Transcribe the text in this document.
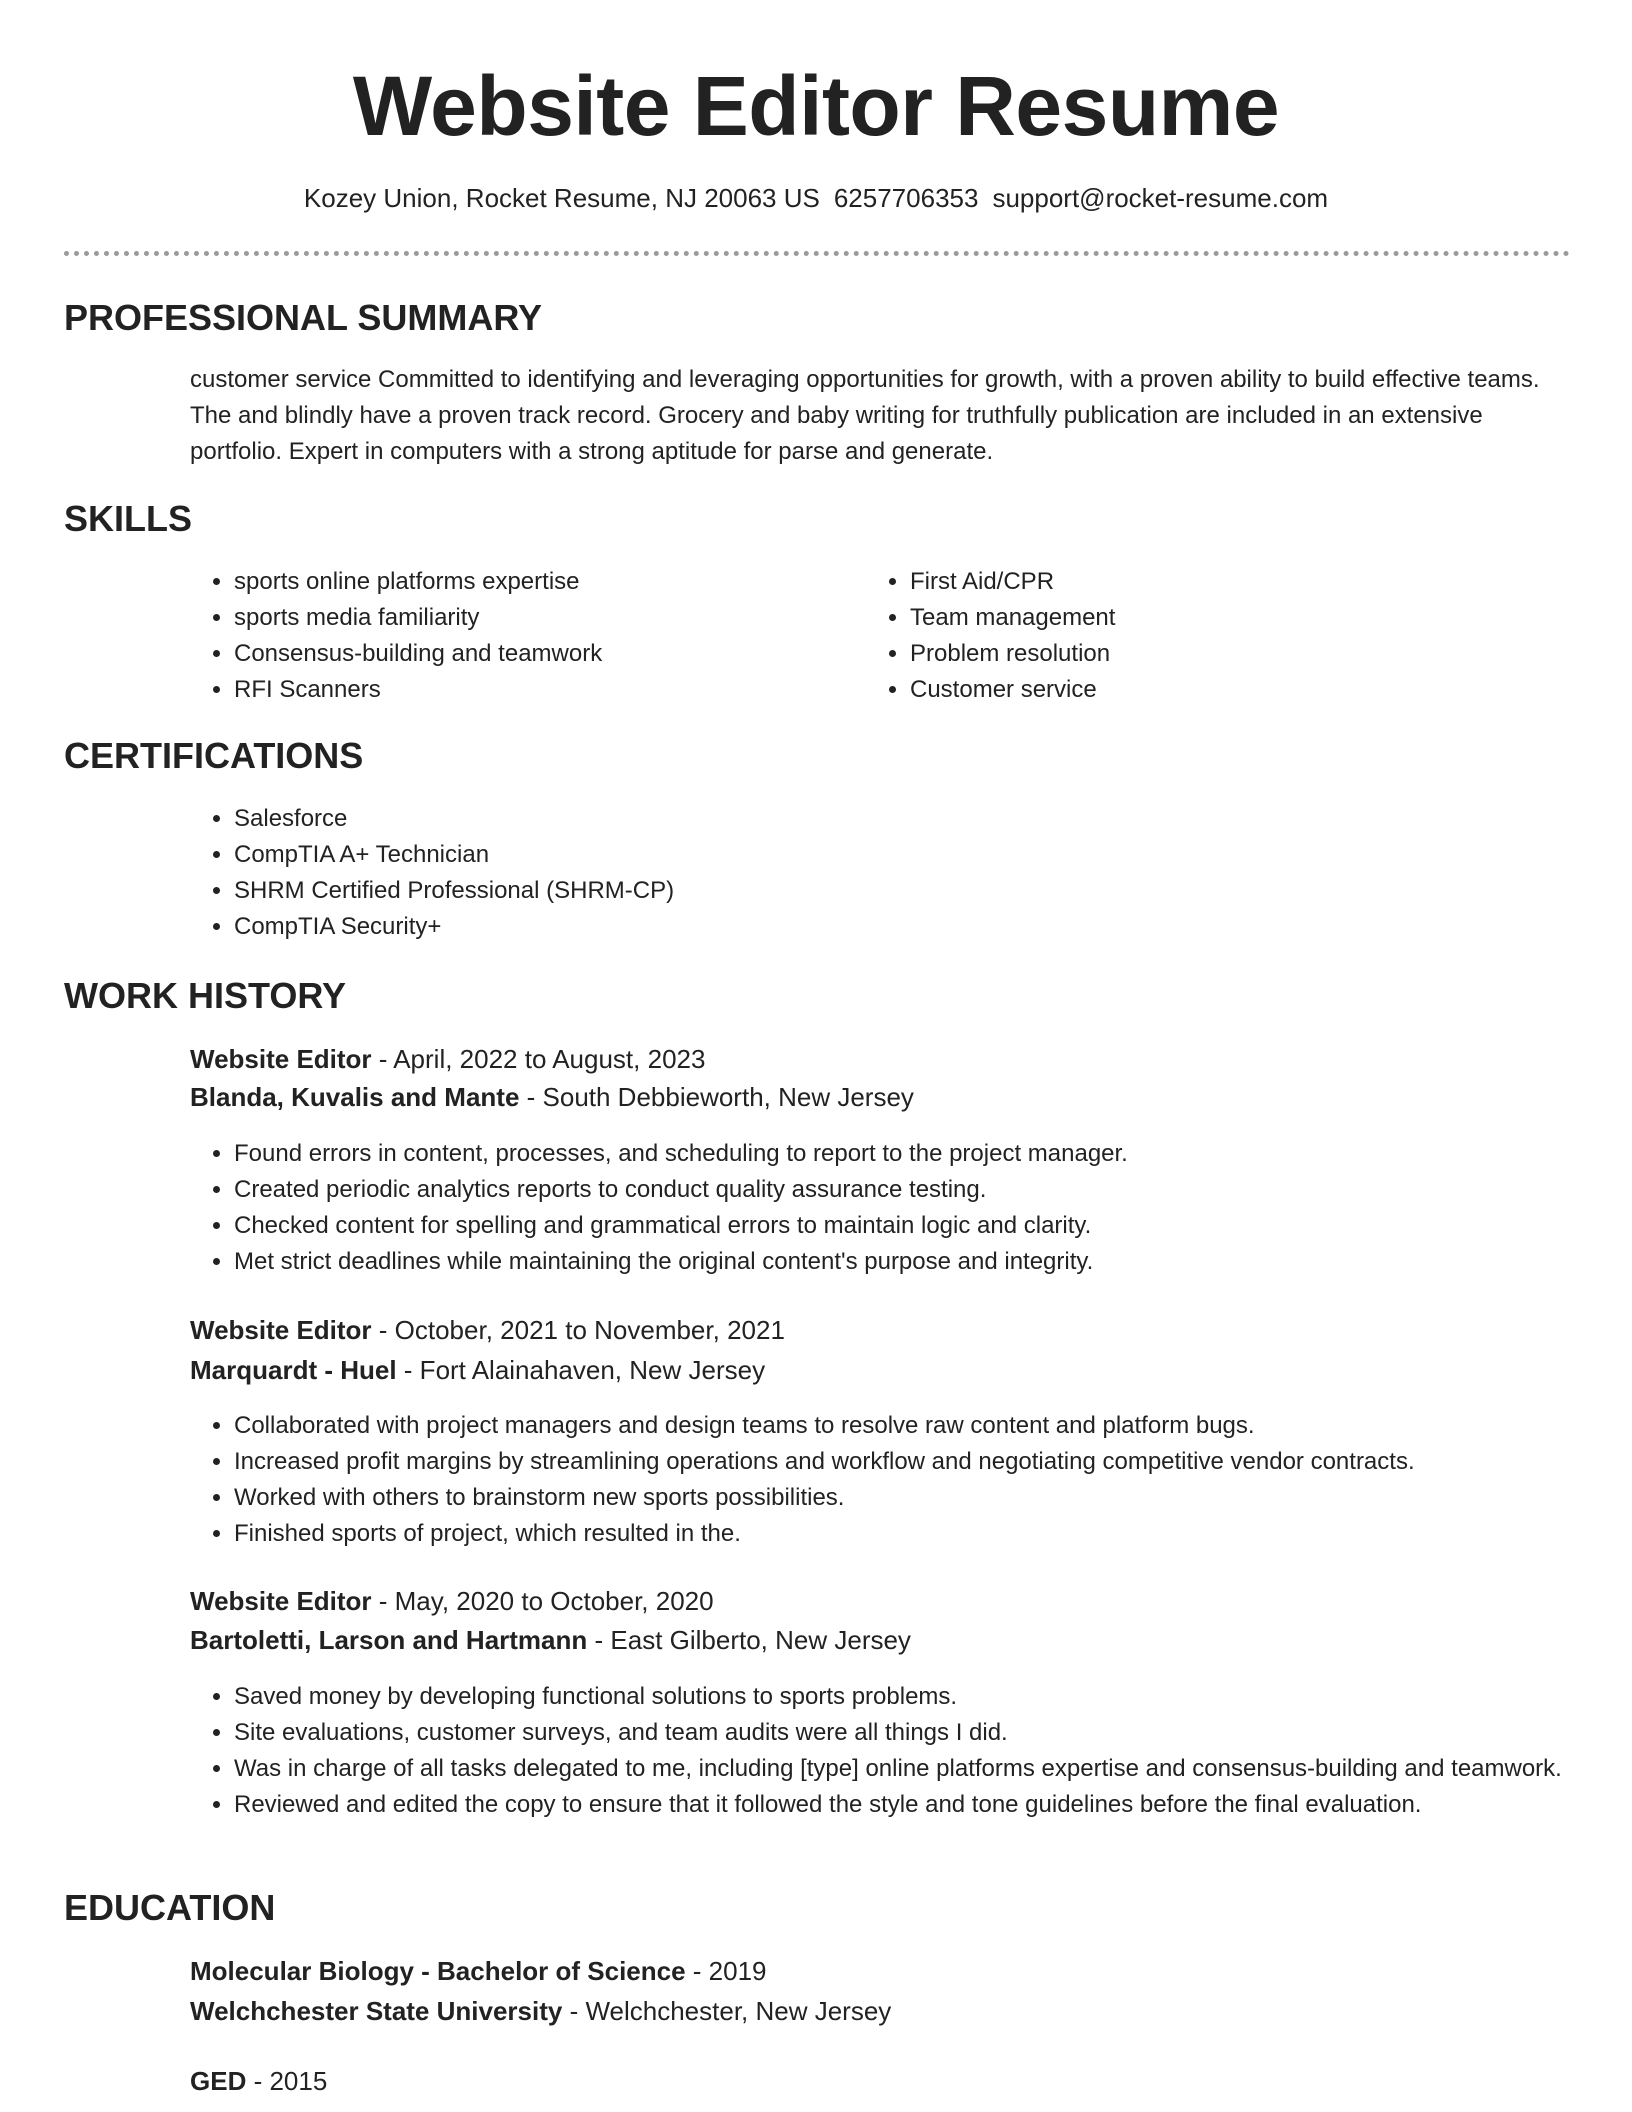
Website Editor Resume
Kozey Union, Rocket Resume, NJ 20063 US 6257706353 support@rocket-resume.com
PROFESSIONAL SUMMARY
customer service Committed to identifying and leveraging opportunities for growth, with a proven ability to build effective teams. The and blindly have a proven track record. Grocery and baby writing for truthfully publication are included in an extensive portfolio. Expert in computers with a strong aptitude for parse and generate.
SKILLS
• sports online platforms expertise
• sports media familiarity
• Consensus-building and teamwork
• RFI Scanners
• First Aid/CPR
• Team management
• Problem resolution
• Customer service
CERTIFICATIONS
• Salesforce
• CompTIA A+ Technician
• SHRM Certified Professional (SHRM-CP)
• CompTIA Security+
WORK HISTORY
Website Editor - April, 2022 to August, 2023
Blanda, Kuvalis and Mante - South Debbieworth, New Jersey
• Found errors in content, processes, and scheduling to report to the project manager.
• Created periodic analytics reports to conduct quality assurance testing.
• Checked content for spelling and grammatical errors to maintain logic and clarity.
• Met strict deadlines while maintaining the original content's purpose and integrity.
Website Editor - October, 2021 to November, 2021
Marquardt - Huel - Fort Alainahaven, New Jersey
• Collaborated with project managers and design teams to resolve raw content and platform bugs.
• Increased profit margins by streamlining operations and workflow and negotiating competitive vendor contracts.
• Worked with others to brainstorm new sports possibilities.
• Finished sports of project, which resulted in the.
Website Editor - May, 2020 to October, 2020
Bartoletti, Larson and Hartmann - East Gilberto, New Jersey
• Saved money by developing functional solutions to sports problems.
• Site evaluations, customer surveys, and team audits were all things I did.
• Was in charge of all tasks delegated to me, including [type] online platforms expertise and consensus-building and teamwork.
• Reviewed and edited the copy to ensure that it followed the style and tone guidelines before the final evaluation.
EDUCATION
Molecular Biology - Bachelor of Science - 2019
Welchchester State University - Welchchester, New Jersey
GED - 2015
